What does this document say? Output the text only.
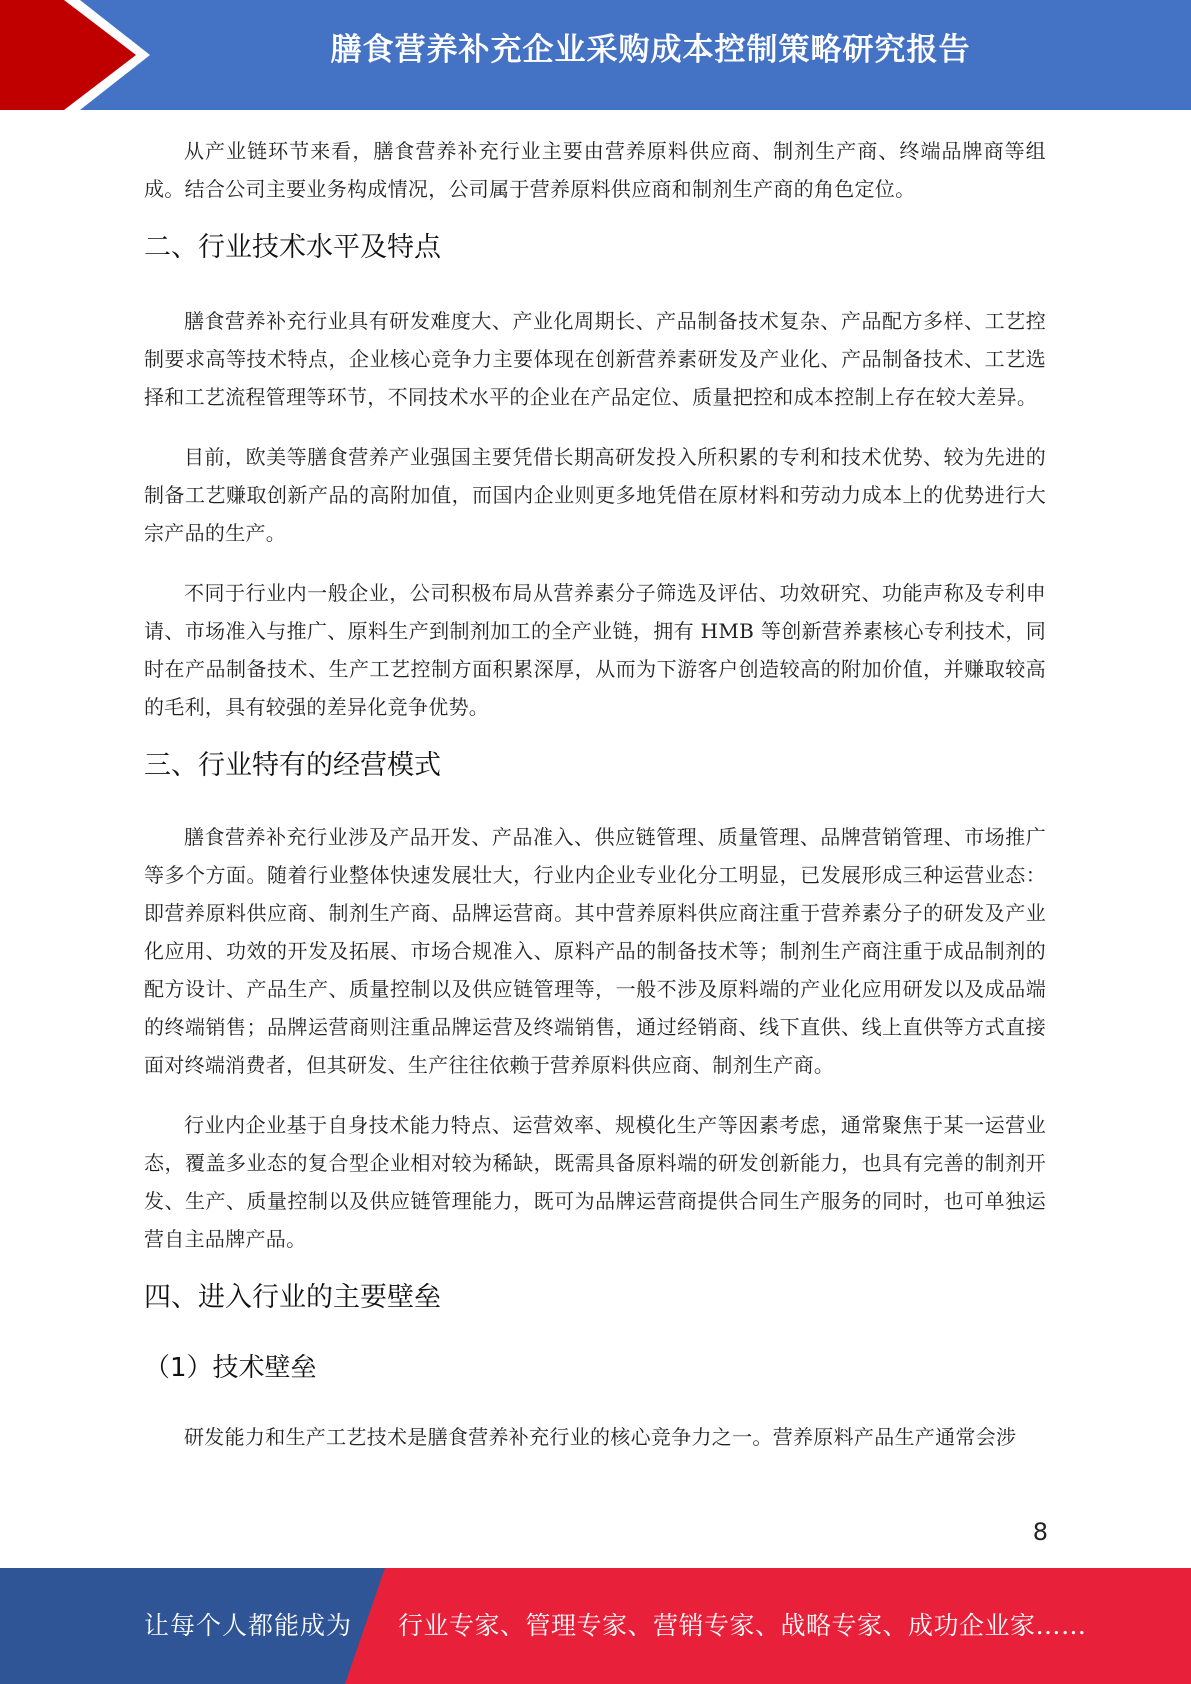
膳食营养补充企业采购成本控制策略研究报告

从产业链环节来看，膳食营养补充行业主要由营养原料供应商、制剂生产商、终端品牌商等组成。结合公司主要业务构成情况，公司属于营养原料供应商和制剂生产商的角色定位。

二、行业技术水平及特点

膳食营养补充行业具有研发难度大、产业化周期长、产品制备技术复杂、产品配方多样、工艺控制要求高等技术特点，企业核心竞争力主要体现在创新营养素研发及产业化、产品制备技术、工艺选择和工艺流程管理等环节，不同技术水平的企业在产品定位、质量把控和成本控制上存在较大差异。

目前，欧美等膳食营养产业强国主要凭借长期高研发投入所积累的专利和技术优势、较为先进的制备工艺赚取创新产品的高附加值，而国内企业则更多地凭借在原材料和劳动力成本上的优势进行大宗产品的生产。

不同于行业内一般企业，公司积极布局从营养素分子筛选及评估、功效研究、功能声称及专利申请、市场准入与推广、原料生产到制剂加工的全产业链，拥有 HMB 等创新营养素核心专利技术，同时在产品制备技术、生产工艺控制方面积累深厚，从而为下游客户创造较高的附加价值，并赚取较高的毛利，具有较强的差异化竞争优势。

三、行业特有的经营模式

膳食营养补充行业涉及产品开发、产品准入、供应链管理、质量管理、品牌营销管理、市场推广等多个方面。随着行业整体快速发展壮大，行业内企业专业化分工明显，已发展形成三种运营业态：即营养原料供应商、制剂生产商、品牌运营商。其中营养原料供应商注重于营养素分子的研发及产业化应用、功效的开发及拓展、市场合规准入、原料产品的制备技术等；制剂生产商注重于成品制剂的配方设计、产品生产、质量控制以及供应链管理等，一般不涉及原料端的产业化应用研发以及成品端的终端销售；品牌运营商则注重品牌运营及终端销售，通过经销商、线下直供、线上直供等方式直接面对终端消费者，但其研发、生产往往依赖于营养原料供应商、制剂生产商。

行业内企业基于自身技术能力特点、运营效率、规模化生产等因素考虑，通常聚焦于某一运营业态，覆盖多业态的复合型企业相对较为稀缺，既需具备原料端的研发创新能力，也具有完善的制剂开发、生产、质量控制以及供应链管理能力，既可为品牌运营商提供合同生产服务的同时，也可单独运营自主品牌产品。

四、进入行业的主要壁垒
（1）技术壁垒

研发能力和生产工艺技术是膳食营养补充行业的核心竞争力之一。营养原料产品生产通常会涉

8
让每个人都能成为 行业专家、管理专家、营销专家、战略专家、成功企业家……
